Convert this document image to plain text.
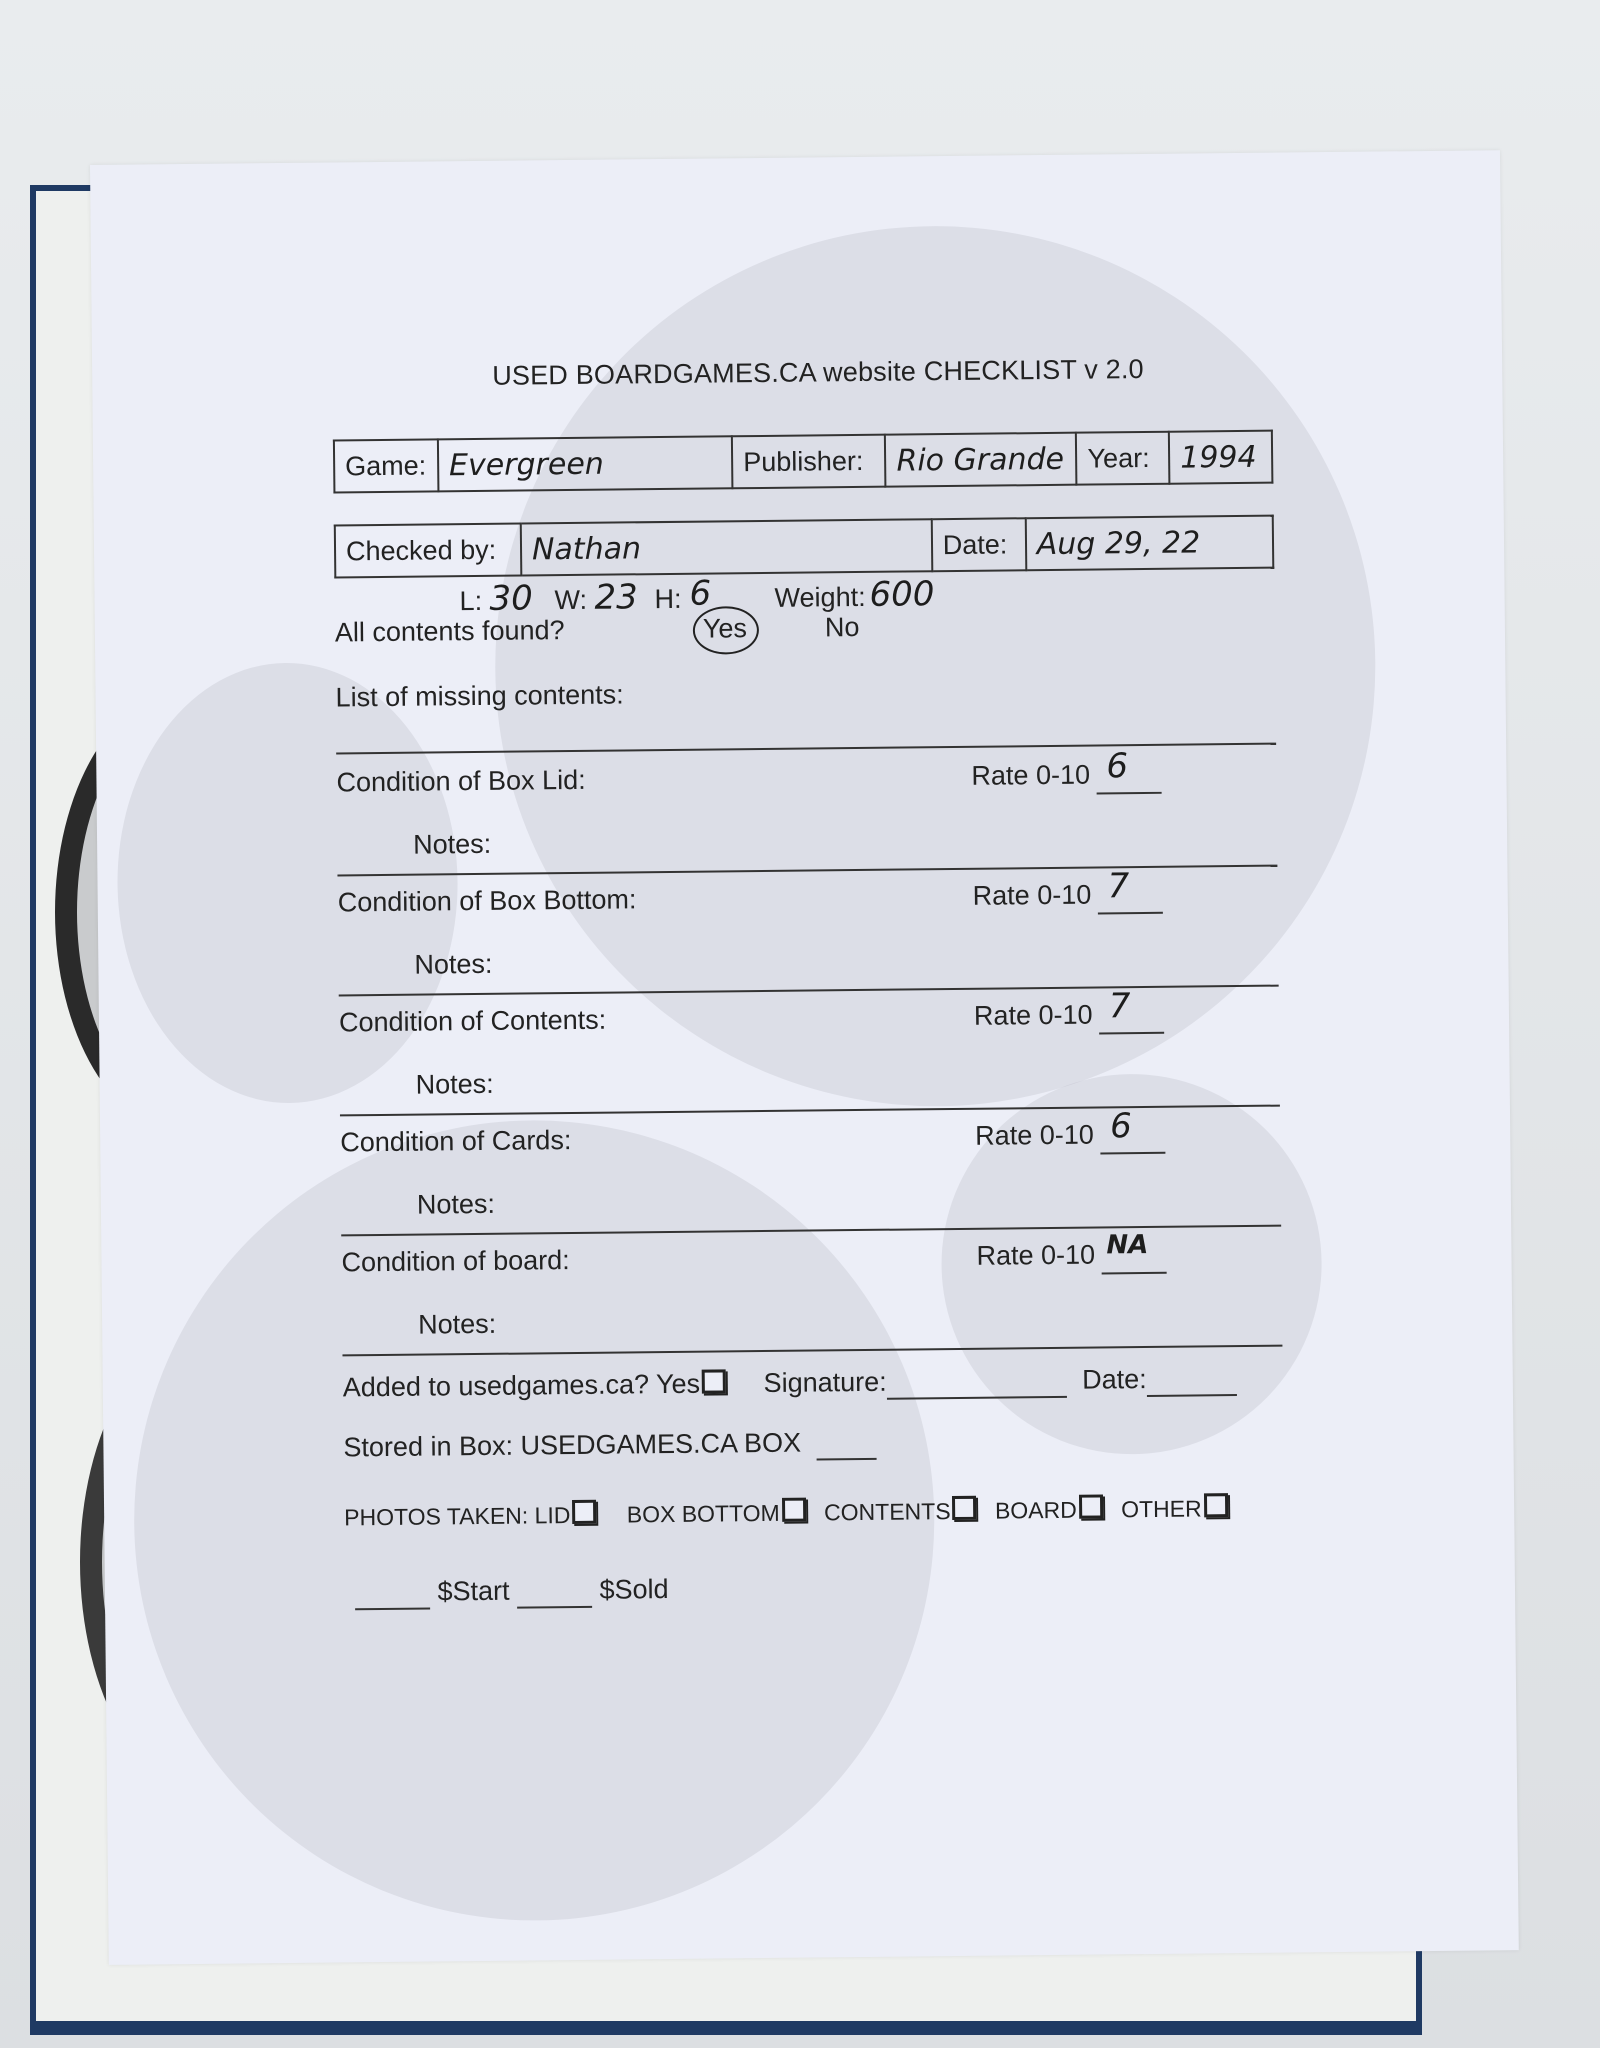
USED BOARDGAMES.CA website CHECKLIST v 2.0
Game:	Evergreen	Publisher:	Rio Grande	Year:	1994
Checked by:	Nathan	Date:	Aug 29, 22
L: 30 W: 23 H: 6 Weight: 600
All contents found?	Yes	No
List of missing contents:
Condition of Box Lid:	Rate 0-10 6
Notes:
Condition of Box Bottom:	Rate 0-10 7
Notes:
Condition of Contents:	Rate 0-10 7
Notes:
Condition of Cards:	Rate 0-10 6
Notes:
Condition of board:	Rate 0-10 NA
Notes:
Added to usedgames.ca? Yes Signature:	Date:
Stored in Box: USEDGAMES.CA BOX
PHOTOS TAKEN: LID BOX BOTTOM CONTENTS BOARD OTHER
$Start	$Sold
